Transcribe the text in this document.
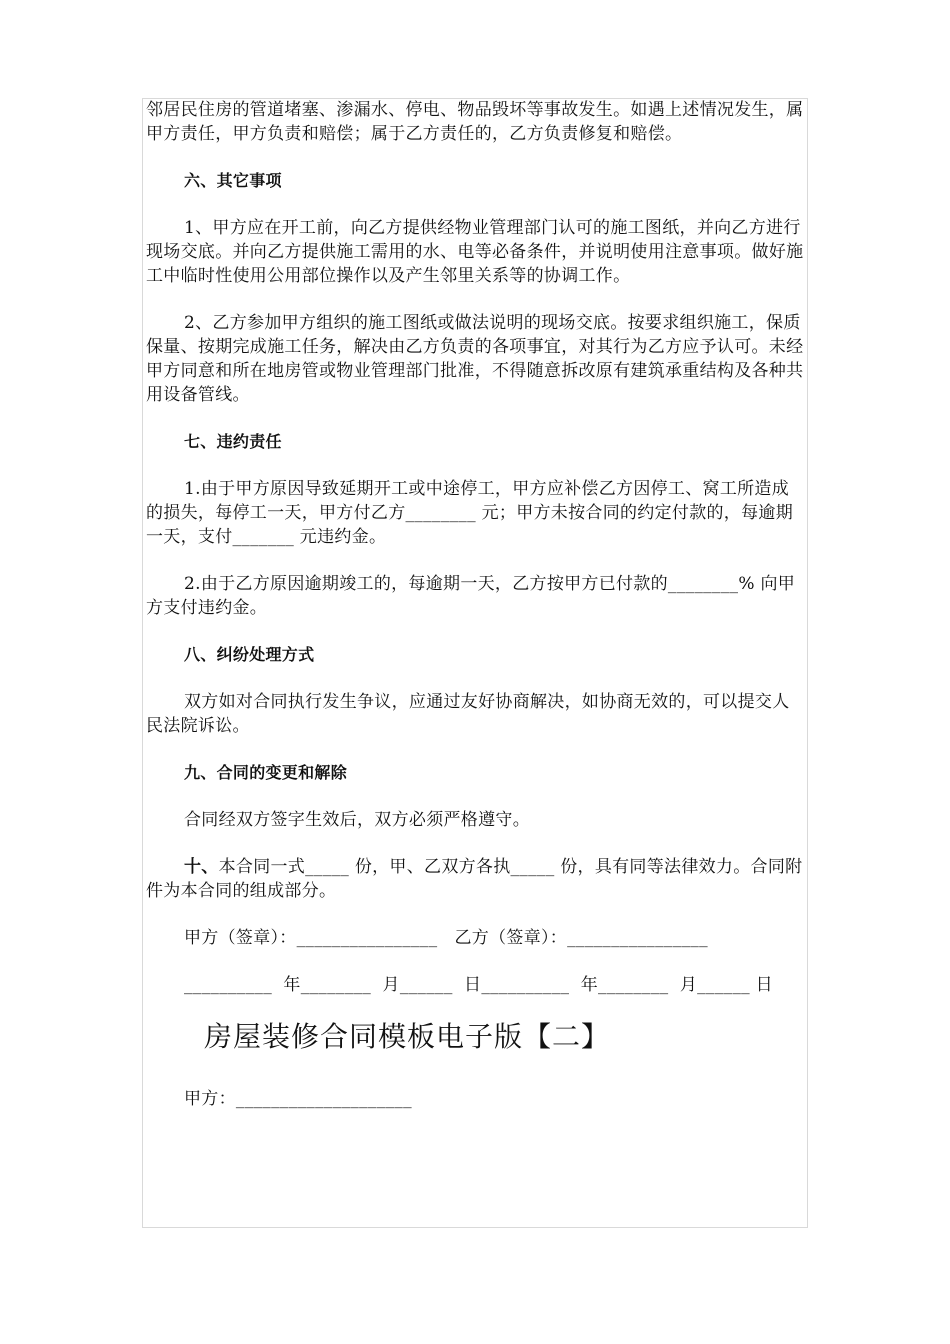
邻居民住房的管道堵塞、渗漏水、停电、物品毁坏等事故发生。如遇上述情况发生，属甲方责任，甲方负责和赔偿；属于乙方责任的，乙方负责修复和赔偿。

六、其它事项

1、甲方应在开工前，向乙方提供经物业管理部门认可的施工图纸，并向乙方进行现场交底。并向乙方提供施工需用的水、电等必备条件，并说明使用注意事项。做好施工中临时性使用公用部位操作以及产生邻里关系等的协调工作。

2、乙方参加甲方组织的施工图纸或做法说明的现场交底。按要求组织施工，保质保量、按期完成施工任务，解决由乙方负责的各项事宜，对其行为乙方应予认可。未经甲方同意和所在地房管或物业管理部门批准，不得随意拆改原有建筑承重结构及各种共用设备管线。

七、违约责任

1.由于甲方原因导致延期开工或中途停工，甲方应补偿乙方因停工、窝工所造成的损失，每停工一天，甲方付乙方________ 元；甲方未按合同的约定付款的，每逾期一天，支付_______ 元违约金。

2.由于乙方原因逾期竣工的，每逾期一天，乙方按甲方已付款的________% 向甲方支付违约金。

八、纠纷处理方式

双方如对合同执行发生争议，应通过友好协商解决，如协商无效的，可以提交人民法院诉讼。

九、合同的变更和解除

合同经双方签字生效后，双方必须严格遵守。

十、本合同一式_____ 份，甲、乙双方各执_____ 份，具有同等法律效力。合同附件为本合同的组成部分。

甲方（签章）：________________   乙方（签章）：________________

__________  年________  月______  日__________  年________  月______ 日

房屋装修合同模板电子版【二】

甲方：____________________
